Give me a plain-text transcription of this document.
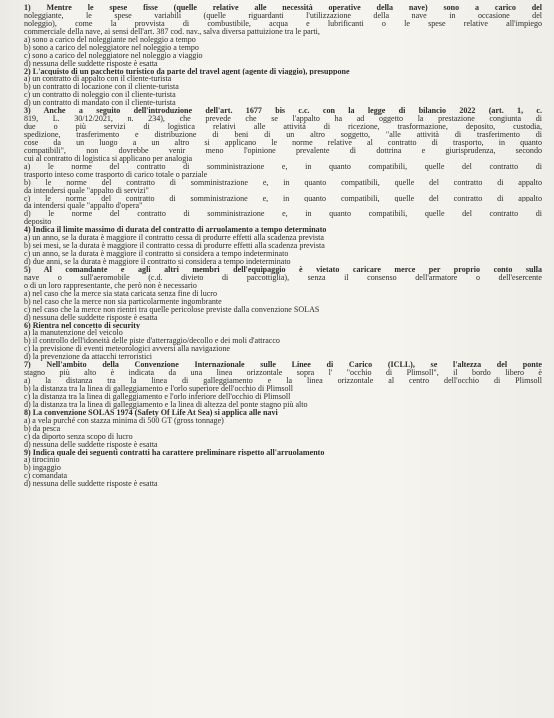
1) Mentre le spese fisse (quelle relative alle necessità operative della nave) sono a carico del
noleggiante, le spese variabili (quelle riguardanti l'utilizzazione della nave in occasione del
noleggio), come la provvista di combustibile, acqua e lubrificanti o le spese relative all'impiego
commerciale della nave, ai sensi dell'art. 387 cod. nav., salva diversa pattuizione tra le parti,
a) sono a carico del noleggiante nel noleggio a tempo
b) sono a carico del noleggiatore nel noleggio a tempo
c) sono a carico del noleggiatore nel noleggio a viaggio
d) nessuna delle suddette risposte è esatta
2) L'acquisto di un pacchetto turistico da parte del travel agent (agente di viaggio), presuppone
a) un contratto di appalto con il cliente-turista
b) un contratto di locazione con il cliente-turista
c) un contratto di noleggio con il cliente-turista
d) un contratto di mandato con il cliente-turista
3) Anche a seguito dell'introduzione dell'art. 1677 bis c.c. con la legge di bilancio 2022 (art. 1, c.
819, L. 30/12/2021, n. 234), che prevede che se l'appalto ha ad oggetto la prestazione congiunta di
due o più servizi di logistica relativi alle attività di ricezione, trasformazione, deposito, custodia,
spedizione, trasferimento e distribuzione di beni di un altro soggetto, "alle attività di trasferimento di
cose da un luogo a un altro si applicano le norme relative al contratto di trasporto, in quanto
compatibili", non dovrebbe venir meno l'opinione prevalente di dottrina e giurisprudenza, secondo
cui al contratto di logistica si applicano per analogia
a) le norme del contratto di somministrazione e, in quanto compatibili, quelle del contratto di
trasporto inteso come trasporto di carico totale o parziale
b) le norme del contratto di somministrazione e, in quanto compatibili, quelle del contratto di appalto
da intendersi quale "appalto di servizi"
c) le norme del contratto di somministrazione e, in quanto compatibili, quelle del contratto di appalto
da intendersi quale "appalto d'opera"
d) le norme del contratto di somministrazione e, in quanto compatibili, quelle del contratto di
deposito
4) Indica il limite massimo di durata del contratto di arruolamento a tempo determinato
a) un anno, se la durata è maggiore il contratto cessa di produrre effetti alla scadenza prevista
b) sei mesi, se la durata è maggiore il contratto cessa di produrre effetti alla scadenza prevista
c) un anno, se la durata è maggiore il contratto si considera a tempo indeterminato
d) due anni, se la durata è maggiore il contratto si considera a tempo indeterminato
5) Al comandante e agli altri membri dell'equipaggio è vietato caricare merce per proprio conto sulla
nave o sull'aeromobile (c.d. divieto di paccottiglia), senza il consenso dell'armatore o dell'esercente
o di un loro rappresentante, che però non è necessario
a) nel caso che la merce sia stata caricata senza fine di lucro
b) nel caso che la merce non sia particolarmente ingombrante
c) nel caso che la merce non rientri tra quelle pericolose previste dalla convenzione SOLAS
d) nessuna delle suddette risposte è esatta
6) Rientra nel concetto di security
a) la manutenzione del veicolo
b) il controllo dell'idoneità delle piste d'atterraggio/decollo e dei moli d'attracco
c) la previsione di eventi meteorologici avversi alla navigazione
d) la prevenzione da attacchi terroristici
7) Nell'ambito della Convenzione Internazionale sulle Linee di Carico (ICLL), se l'altezza del ponte
stagno più alto è indicata da una linea orizzontale sopra l' "occhio di Plimsoll", il bordo libero è
a) la distanza tra la linea di galleggiamento e la linea orizzontale al centro dell'occhio di Plimsoll
b) la distanza tra la linea di galleggiamento e l'orlo superiore dell'occhio di Plimsoll
c) la distanza tra la linea di galleggiamento e l'orlo inferiore dell'occhio di Plimsoll
d) la distanza tra la linea di galleggiamento e la linea di altezza del ponte stagno più alto
8) La convenzione SOLAS 1974 (Safety Of Life At Sea) si applica alle navi
a) a vela purché con stazza minima di 500 GT (gross tonnage)
b) da pesca
c) da diporto senza scopo di lucro
d) nessuna delle suddette risposte è esatta
9) Indica quale dei seguenti contratti ha carattere preliminare rispetto all'arruolamento
a) tirocinio
b) ingaggio
c) comandata
d) nessuna delle suddette risposte è esatta
